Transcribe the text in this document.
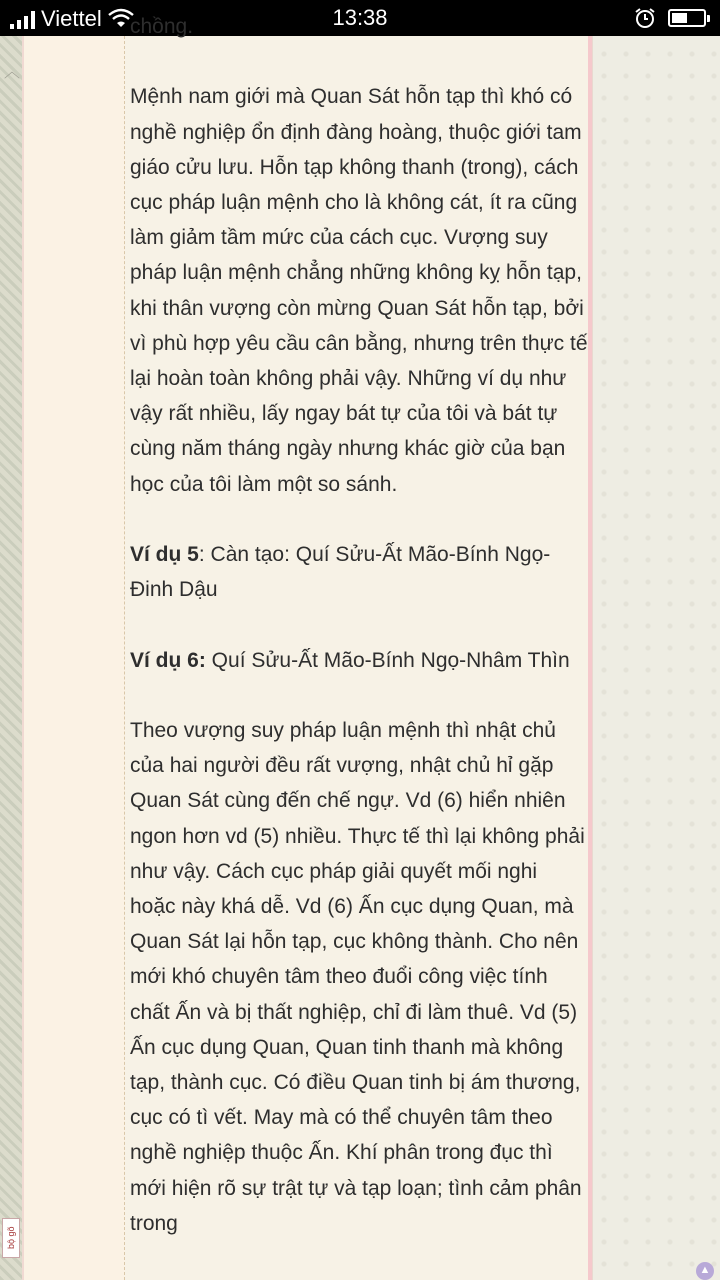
Viettel	13:38
︿

chồng.

Mệnh nam giới mà Quan Sát hỗn tạp thì khó có nghề nghiệp ổn định đàng hoàng, thuộc giới tam giáo cửu lưu. Hỗn tạp không thanh (trong), cách cục pháp luận mệnh cho là không cát, ít ra cũng làm giảm tầm mức của cách cục. Vượng suy pháp luận mệnh chẳng những không kỵ hỗn tạp, khi thân vượng còn mừng Quan Sát hỗn tạp, bởi vì phù hợp yêu cầu cân bằng, nhưng trên thực tế lại hoàn toàn không phải vậy. Những ví dụ như vậy rất nhiều, lấy ngay bát tự của tôi và bát tự cùng năm tháng ngày nhưng khác giờ của bạn học của tôi làm một so sánh.

Ví dụ 5: Càn tạo: Quí Sửu-Ất Mão-Bính Ngọ-Đinh Dậu

Ví dụ 6: Quí Sửu-Ất Mão-Bính Ngọ-Nhâm Thìn

Theo vượng suy pháp luận mệnh thì nhật chủ của hai người đều rất vượng, nhật chủ hỉ gặp Quan Sát cùng đến chế ngự. Vd (6) hiển nhiên ngon hơn vd (5) nhiều. Thực tế thì lại không phải như vậy. Cách cục pháp giải quyết mối nghi hoặc này khá dễ. Vd (6) Ấn cục dụng Quan, mà Quan Sát lại hỗn tạp, cục không thành. Cho nên mới khó chuyên tâm theo đuổi công việc tính chất Ấn và bị thất nghiệp, chỉ đi làm thuê. Vd (5) Ấn cục dụng Quan, Quan tinh thanh mà không tạp, thành cục. Có điều Quan tinh bị ám thương, cục có tì vết. May mà có thể chuyên tâm theo nghề nghiệp thuộc Ấn. Khí phân trong đục thì mới hiện rõ sự trật tự và tạp loạn; tình cảm phân trong

bộ gõ
▲
